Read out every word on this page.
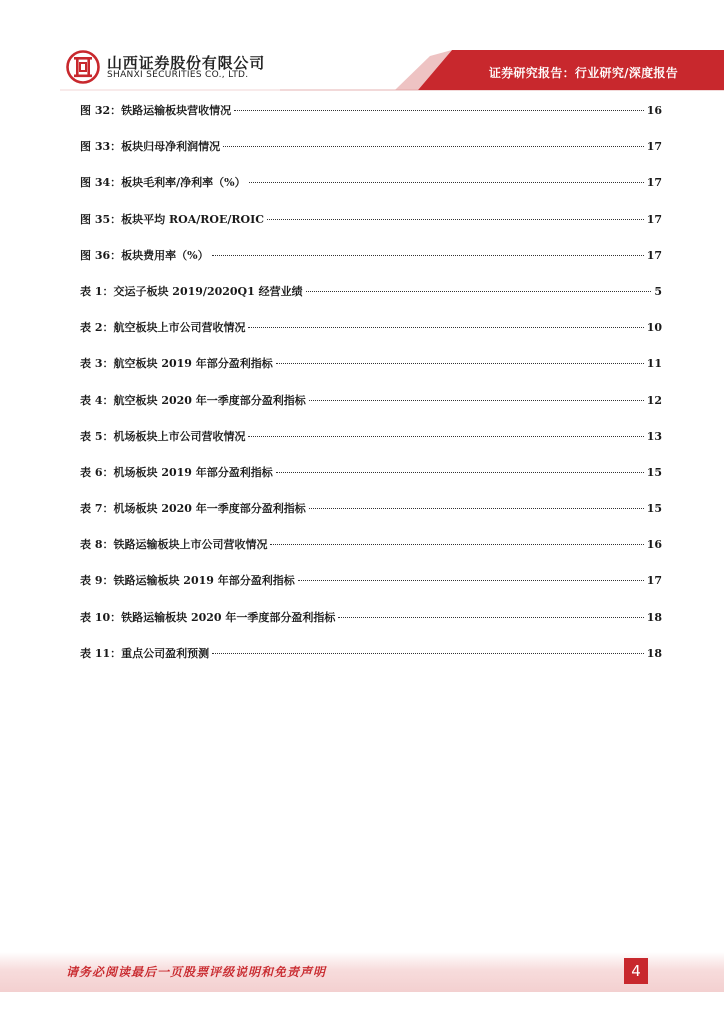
山西证券股份有限公司
SHANXI SECURITIES CO., LTD.	证券研究报告：行业研究/深度报告
图 32：铁路运输板块营收情况	16
图 33：板块归母净利润情况	17
图 34：板块毛利率/净利率（%）	17
图 35：板块平均 ROA/ROE/ROIC	17
图 36：板块费用率（%）	17
表 1：交运子板块 2019/2020Q1 经营业绩	5
表 2：航空板块上市公司营收情况	10
表 3：航空板块 2019 年部分盈利指标	11
表 4：航空板块 2020 年一季度部分盈利指标	12
表 5：机场板块上市公司营收情况	13
表 6：机场板块 2019 年部分盈利指标	15
表 7：机场板块 2020 年一季度部分盈利指标	15
表 8：铁路运输板块上市公司营收情况	16
表 9：铁路运输板块 2019 年部分盈利指标	17
表 10：铁路运输板块 2020 年一季度部分盈利指标	18
表 11：重点公司盈利预测	18
请务必阅读最后一页股票评级说明和免责声明	4
